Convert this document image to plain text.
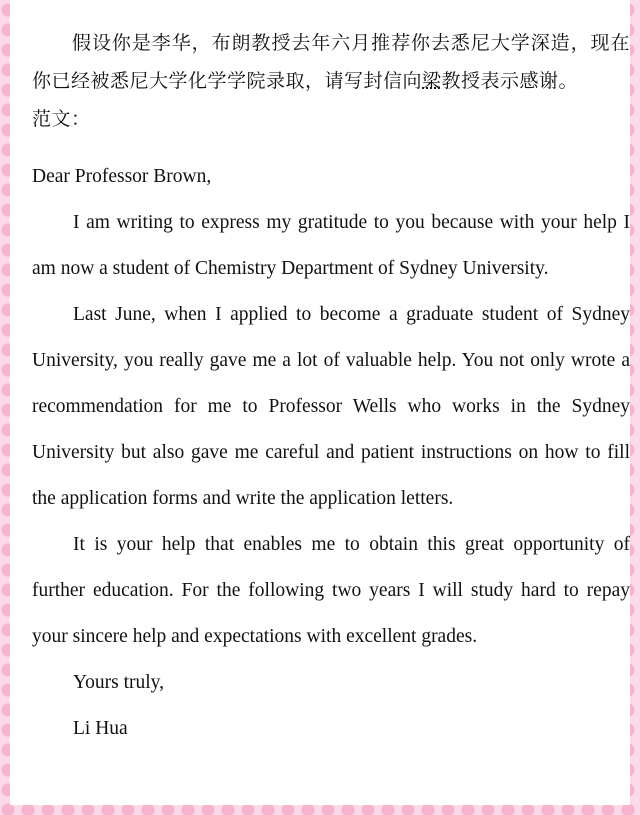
假设你是李华，布朗教授去年六月推荐你去悉尼大学深造，现在你已经被悉尼大学化学学院录取，请写封信向梁教授表示感谢。

范文：

Dear Professor Brown,

I am writing to express my gratitude to you because with your help I am now a student of Chemistry Department of Sydney University.

Last June, when I applied to become a graduate student of Sydney University, you really gave me a lot of valuable help. You not only wrote a recommendation for me to Professor Wells who works in the Sydney University but also gave me careful and patient instructions on how to fill the application forms and write the application letters.

It is your help that enables me to obtain this great opportunity of further education. For the following two years I will study hard to repay your sincere help and expectations with excellent grades.

Yours truly,

Li Hua
